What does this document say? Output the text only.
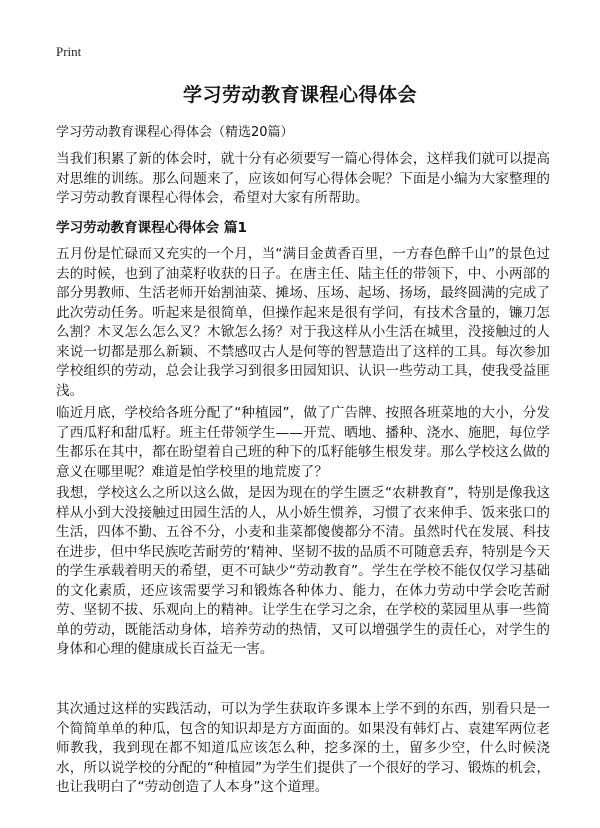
Print
学习劳动教育课程心得体会

学习劳动教育课程心得体会（精选20篇）

当我们积累了新的体会时，就十分有必须要写一篇心得体会，这样我们就可以提高对思维的训练。那么问题来了，应该如何写心得体会呢？下面是小编为大家整理的学习劳动教育课程心得体会，希望对大家有所帮助。

学习劳动教育课程心得体会 篇1

五月份是忙碌而又充实的一个月，当“满目金黄香百里，一方春色醉千山”的景色过去的时候，也到了油菜籽收获的日子。在唐主任、陆主任的带领下，中、小两部的部分男教师、生活老师开始割油菜、摊场、压场、起场、扬场，最终圆满的完成了此次劳动任务。听起来是很简单，但操作起来是很有学问，有技术含量的，镰刀怎么割？木叉怎么怎么叉？木锨怎么扬？对于我这样从小生活在城里，没接触过的人来说一切都是那么新颖、不禁感叹古人是何等的智慧造出了这样的工具。每次参加学校组织的劳动，总会让我学习到很多田园知识、认识一些劳动工具，使我受益匪浅。

临近月底，学校给各班分配了“种植园”，做了广告牌、按照各班菜地的大小，分发了西瓜籽和甜瓜籽。班主任带领学生——开荒、晒地、播种、浇水、施肥，每位学生都乐在其中，都在盼望着自己班的种下的瓜籽能够生根发芽。那么学校这么做的意义在哪里呢？难道是怕学校里的地荒废了？

我想，学校这么之所以这么做，是因为现在的学生匮乏“农耕教育”，特别是像我这样从小到大没接触过田园生活的人，从小娇生惯养，习惯了衣来伸手、饭来张口的生活，四体不勤、五谷不分，小麦和韭菜都傻傻都分不清。虽然时代在发展、科技在进步，但中华民族吃苦耐劳的‘精神、坚韧不拔的品质不可随意丢弃，特别是今天的学生承载着明天的希望，更不可缺少“劳动教育”。学生在学校不能仅仅学习基础的文化素质，还应该需要学习和锻炼各种体力、能力，在体力劳动中学会吃苦耐劳、坚韧不拔、乐观向上的精神。让学生在学习之余，在学校的菜园里从事一些简单的劳动，既能活动身体，培养劳动的热情，又可以增强学生的责任心，对学生的身体和心理的健康成长百益无一害。

其次通过这样的实践活动，可以为学生获取许多课本上学不到的东西，别看只是一个简简单单的种瓜，包含的知识却是方方面面的。如果没有韩灯占、袁建军两位老师教我，我到现在都不知道瓜应该怎么种，挖多深的土，留多少空，什么时候浇水，所以说学校的分配的“种植园”为学生们提供了一个很好的学习、锻炼的机会，也让我明白了“劳动创造了人本身”这个道理。
